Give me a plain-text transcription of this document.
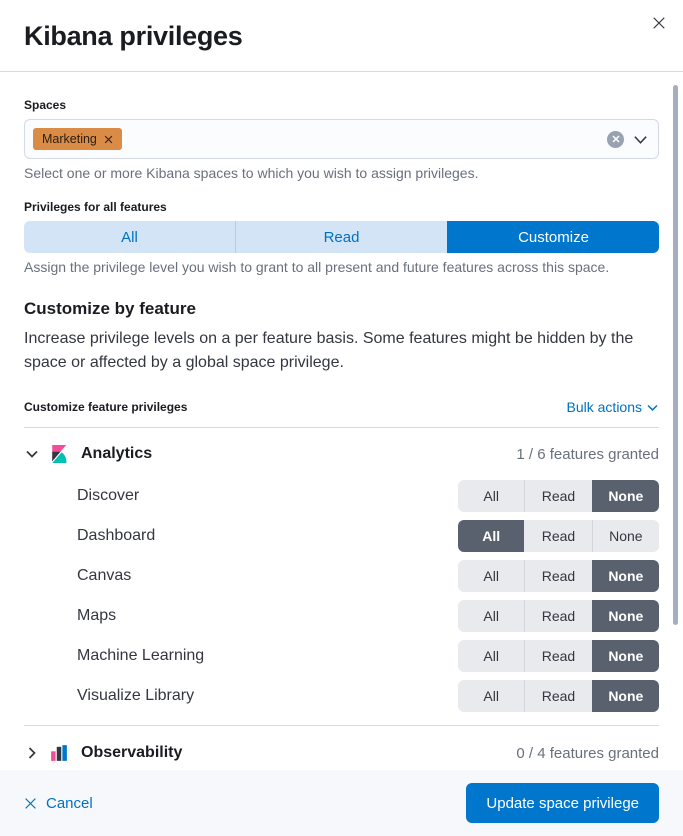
Kibana privileges
Spaces
Marketing

Select one or more Kibana spaces to which you wish to assign privileges.

Privileges for all features
All	Read	Customize

Assign the privilege level you wish to grant to all present and future features across this space.

Customize by feature

Increase privilege levels on a per feature basis. Some features might be hidden by the space or affected by a global space privilege.

Customize feature privileges	Bulk actions
Analytics	1 / 6 features granted
Discover	All	Read	None
Dashboard	All	Read	None
Canvas	All	Read	None
Maps	All	Read	None
Machine Learning	All	Read	None
Visualize Library	All	Read	None
Observability	0 / 4 features granted
Cancel	Update space privilege
